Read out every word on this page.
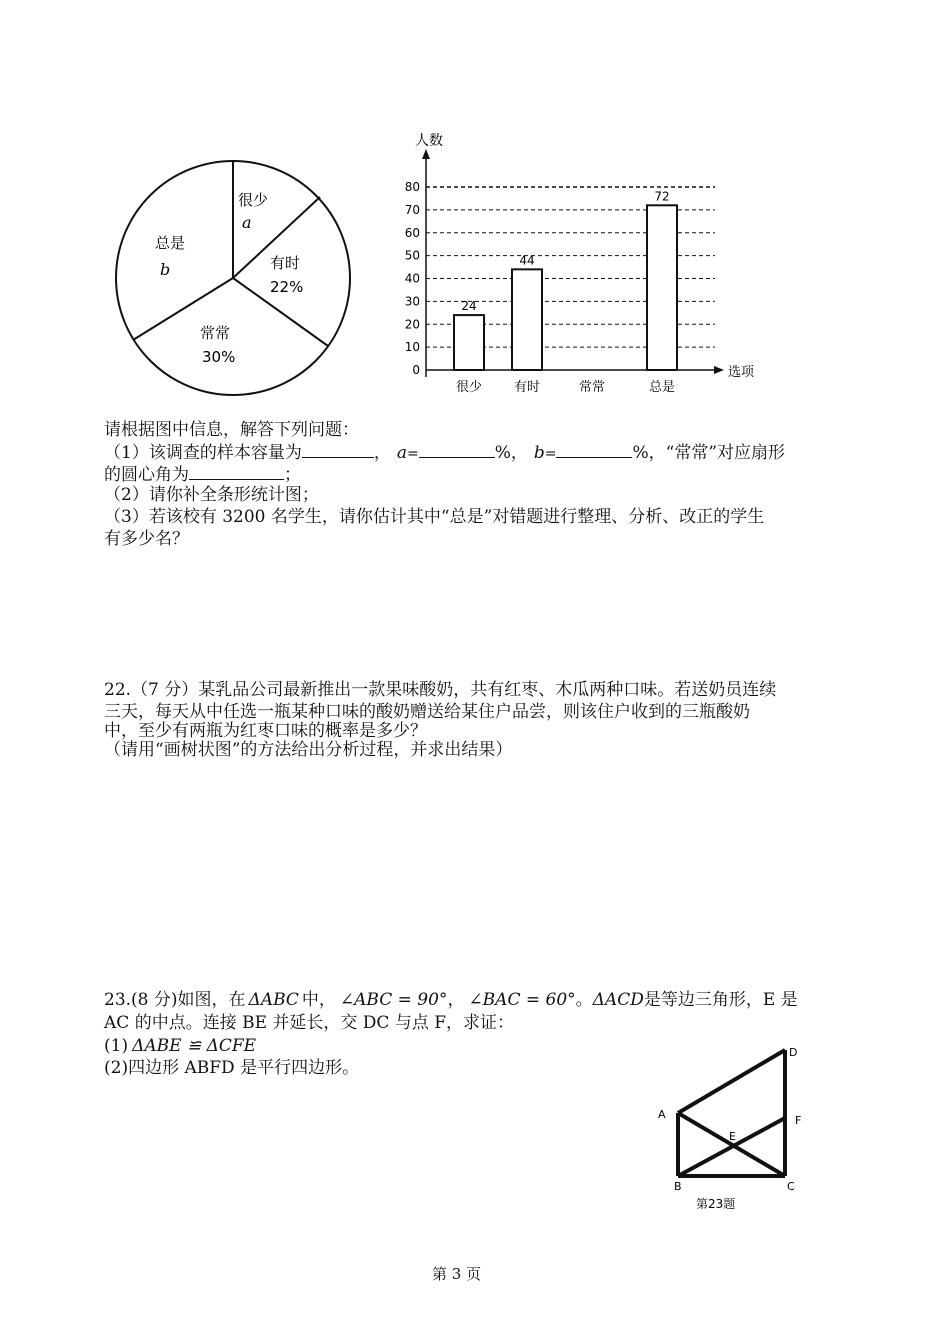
很少
a
有时
22%
常常
30%
总是
b
人数
选项
0
10
20
30
40
50
60
70
80
24
44
72
很少 有时	常常	总是
请根据图中信息，解答下列问题：
（1）该调查的样本容量为	， a=	%， b=	%，“常常”对应扇形
的圆心角为	；
（2）请你补全条形统计图；
（3）若该校有 3200 名学生，请你估计其中“总是”对错题进行整理、分析、改正的学生
有多少名？
22.（7 分）某乳品公司最新推出一款果味酸奶，共有红枣、木瓜两种口味。若送奶员连续
三天，每天从中任选一瓶某种口味的酸奶赠送给某住户品尝，则该住户收到的三瓶酸奶
中，至少有两瓶为红枣口味的概率是多少？
（请用“画树状图”的方法给出分析过程，并求出结果）
23.(8 分)如图，在 ΔABC 中， ∠ABC = 90°， ∠BAC = 60°。ΔACD是等边三角形，E 是
AC 的中点。连接 BE 并延长，交 DC 与点 F，求证：
(1) ΔABE ≌ ΔCFE
(2)四边形 ABFD 是平行四边形。
A
B	C
D
E
F
第23题
第 3 页
